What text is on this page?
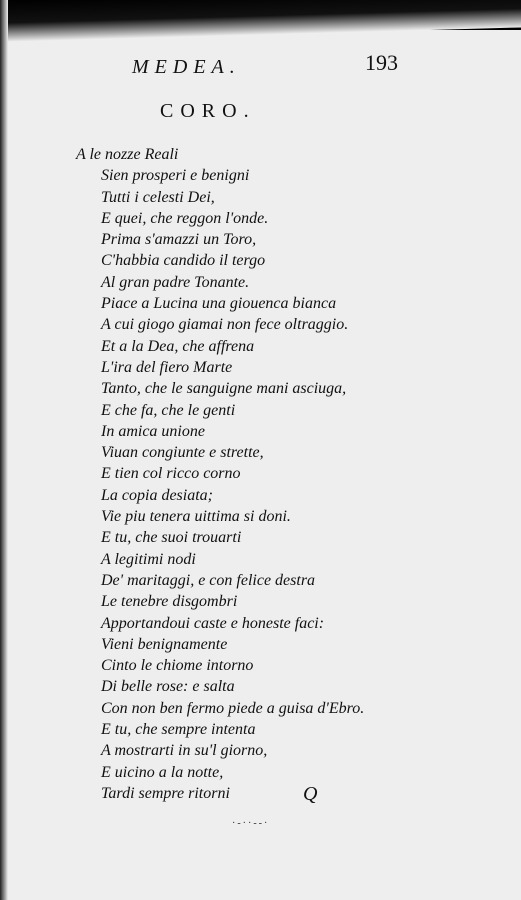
MEDEA.	193
CORO.
A le nozze Reali
Sien prosperi e benigni
Tutti i celesti Dei,
E quei, che reggon l'onde.
Prima s'amazzi un Toro,
C'habbia candido il tergo
Al gran padre Tonante.
Piace a Lucina una giouenca bianca
A cui giogo giamai non fece oltraggio.
Et a la Dea, che affrena
L'ira del fiero Marte
Tanto, che le sanguigne mani asciuga,
E che fa, che le genti
In amica unione
Viuan congiunte e strette,
E tien col ricco corno
La copia desiata;
Vie piu tenera uittima si doni.
E tu, che suoi trouarti
A legitimi nodi
De' maritaggi, e con felice destra
Le tenebre disgombri
Apportandoui caste e honeste faci:
Vieni benignamente
Cinto le chiome intorno
Di belle rose: e salta
Con non ben fermo piede a guisa d'Ebro.
E tu, che sempre intenta
A mostrarti in su'l giorno,
E uicino a la notte,
Tardi sempre ritorni	Q
·-··--·
